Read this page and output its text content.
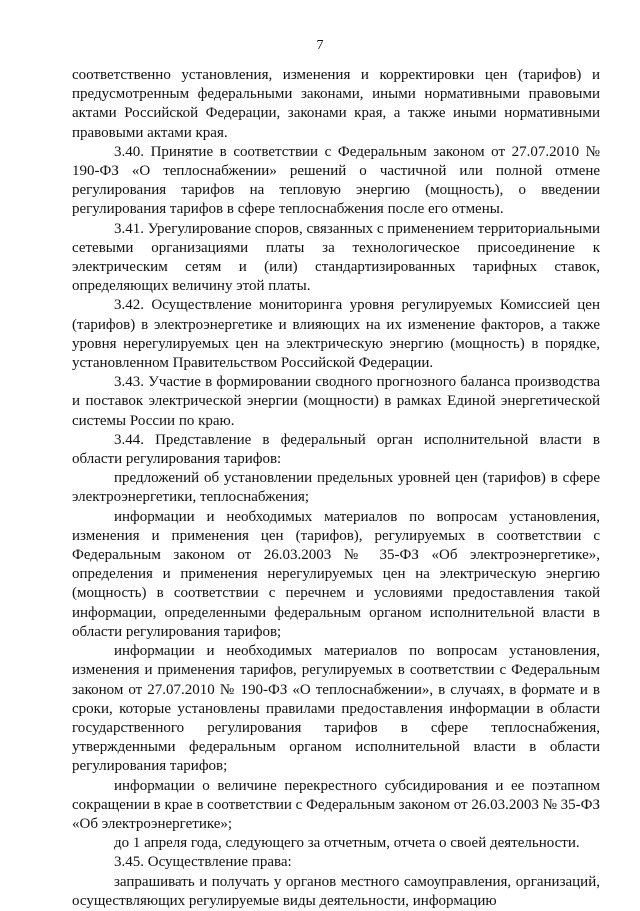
7

соответственно установления, изменения и корректировки цен (тарифов) и предусмотренным федеральными законами, иными нормативными правовыми актами Российской Федерации, законами края, а также иными нормативными правовыми актами края.

3.40. Принятие в соответствии с Федеральным законом от 27.07.2010 № 190-ФЗ «О теплоснабжении» решений о частичной или полной отмене регулирования тарифов на тепловую энергию (мощность), о введении регулирования тарифов в сфере теплоснабжения после его отмены.

3.41. Урегулирование споров, связанных с применением территориальными сетевыми организациями платы за технологическое присоединение к электрическим сетям и (или) стандартизированных тарифных ставок, определяющих величину этой платы.

3.42. Осуществление мониторинга уровня регулируемых Комиссией цен (тарифов) в электроэнергетике и влияющих на их изменение факторов, а также уровня нерегулируемых цен на электрическую энергию (мощность) в порядке, установленном Правительством Российской Федерации.

3.43. Участие в формировании сводного прогнозного баланса производства и поставок электрической энергии (мощности) в рамках Единой энергетической системы России по краю.

3.44. Представление в федеральный орган исполнительной власти в области регулирования тарифов:

предложений об установлении предельных уровней цен (тарифов) в сфере электроэнергетики, теплоснабжения;

информации и необходимых материалов по вопросам установления, изменения и применения цен (тарифов), регулируемых в соответствии с Федеральным законом от 26.03.2003 № 35-ФЗ «Об электроэнергетике», определения и применения нерегулируемых цен на электрическую энергию (мощность) в соответствии с перечнем и условиями предоставления такой информации, определенными федеральным органом исполнительной власти в области регулирования тарифов;

информации и необходимых материалов по вопросам установления, изменения и применения тарифов, регулируемых в соответствии с Федеральным законом от 27.07.2010 № 190-ФЗ «О теплоснабжении», в случаях, в формате и в сроки, которые установлены правилами предоставления информации в области государственного регулирования тарифов в сфере теплоснабжения, утвержденными федеральным органом исполнительной власти в области регулирования тарифов;

информации о величине перекрестного субсидирования и ее поэтапном сокращении в крае в соответствии с Федеральным законом от 26.03.2003 № 35-ФЗ «Об электроэнергетике»;

до 1 апреля года, следующего за отчетным, отчета о своей деятельности.

3.45. Осуществление права:

запрашивать и получать у органов местного самоуправления, организаций, осуществляющих регулируемые виды деятельности, информацию
